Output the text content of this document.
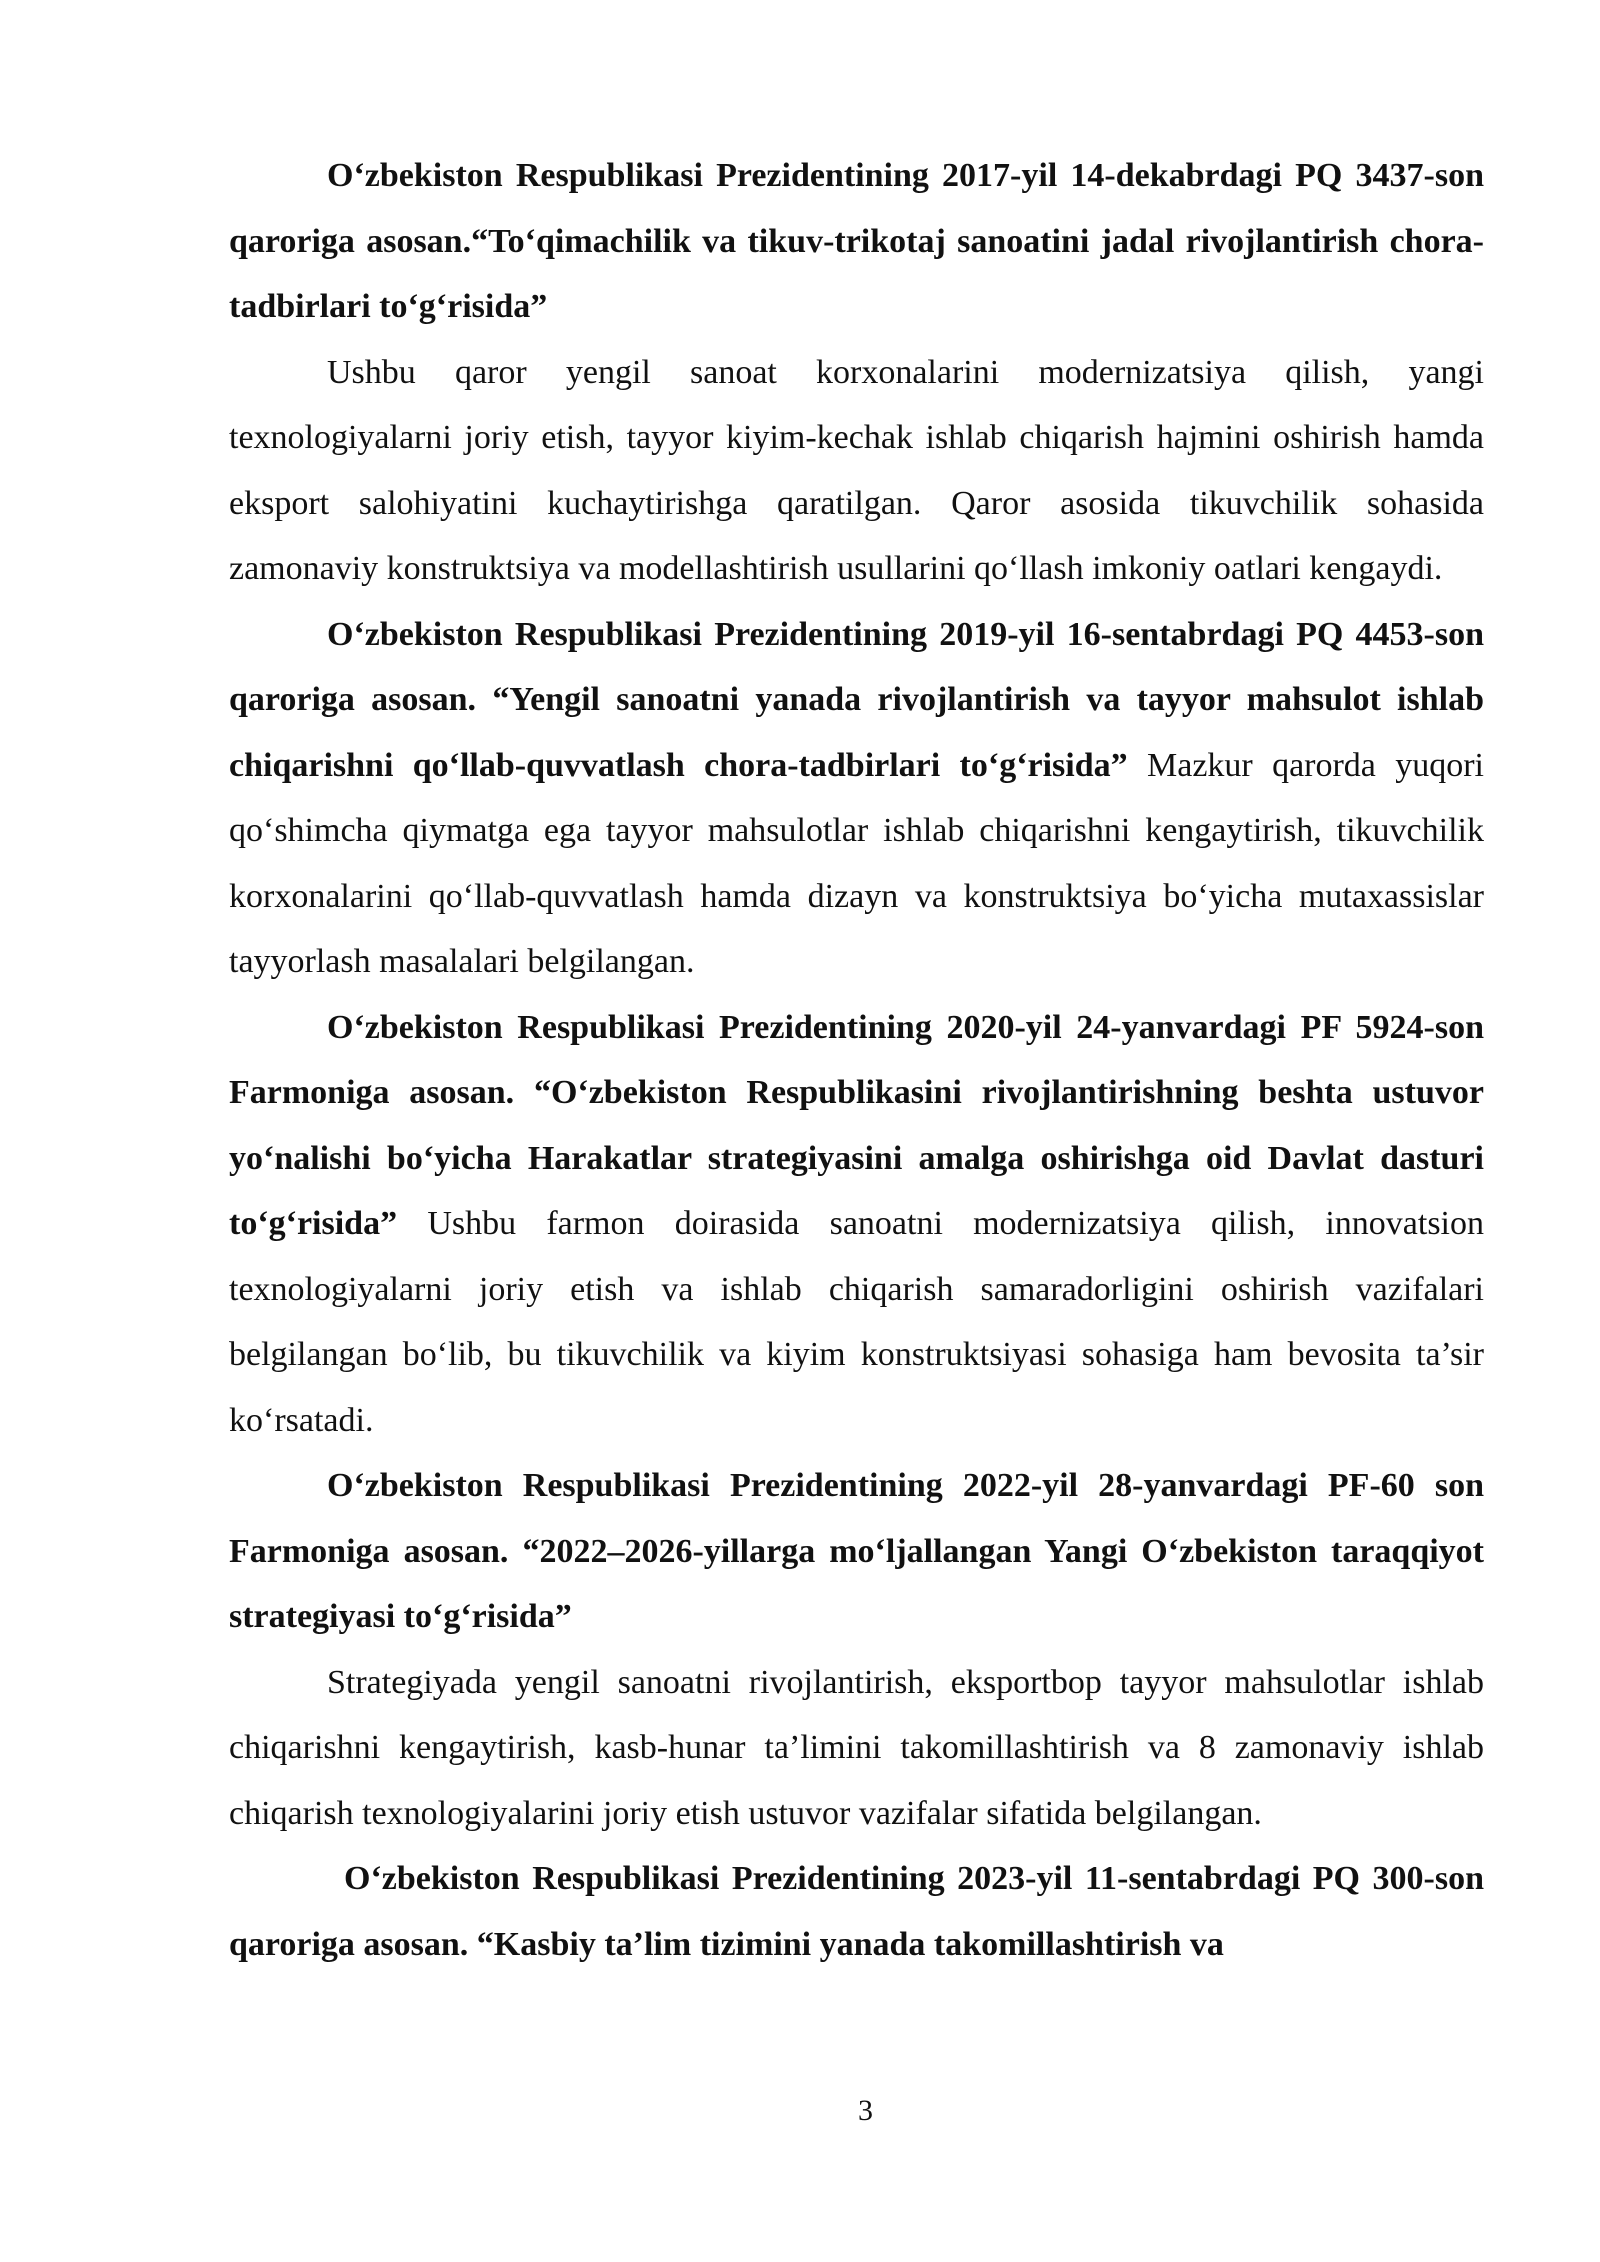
O‘zbekiston Respublikasi Prezidentining 2017-yil 14-dekabrdagi PQ 3437-son qaroriga asosan.“To‘qimachilik va tikuv-trikotaj sanoatini jadal rivojlantirish chora-tadbirlari to‘g‘risida”

Ushbu qaror yengil sanoat korxonalarini modernizatsiya qilish, yangi texnologiyalarni joriy etish, tayyor kiyim-kechak ishlab chiqarish hajmini oshirish hamda eksport salohiyatini kuchaytirishga qaratilgan. Qaror asosida tikuvchilik sohasida zamonaviy konstruktsiya va modellashtirish usullarini qo‘llash imkoniy oatlari kengaydi.

O‘zbekiston Respublikasi Prezidentining 2019-yil 16-sentabrdagi PQ 4453-son qaroriga asosan. “Yengil sanoatni yanada rivojlantirish va tayyor mahsulot ishlab chiqarishni qo‘llab-quvvatlash chora-tadbirlari to‘g‘risida” Mazkur qarorda yuqori qo‘shimcha qiymatga ega tayyor mahsulotlar ishlab chiqarishni kengaytirish, tikuvchilik korxonalarini qo‘llab-quvvatlash hamda dizayn va konstruktsiya bo‘yicha mutaxassislar tayyorlash masalalari belgilangan.

O‘zbekiston Respublikasi Prezidentining 2020-yil 24-yanvardagi PF 5924-son Farmoniga asosan. “O‘zbekiston Respublikasini rivojlantirishning beshta ustuvor yo‘nalishi bo‘yicha Harakatlar strategiyasini amalga oshirishga oid Davlat dasturi to‘g‘risida” Ushbu farmon doirasida sanoatni modernizatsiya qilish, innovatsion texnologiyalarni joriy etish va ishlab chiqarish samaradorligini oshirish vazifalari belgilangan bo‘lib, bu tikuvchilik va kiyim konstruktsiyasi sohasiga ham bevosita ta’sir ko‘rsatadi.

O‘zbekiston Respublikasi Prezidentining 2022-yil 28-yanvardagi PF-60 son Farmoniga asosan. “2022–2026-yillarga mo‘ljallangan Yangi O‘zbekiston taraqqiyot strategiyasi to‘g‘risida”

Strategiyada yengil sanoatni rivojlantirish, eksportbop tayyor mahsulotlar ishlab chiqarishni kengaytirish, kasb-hunar ta’limini takomillashtirish va 8 zamonaviy ishlab chiqarish texnologiyalarini joriy etish ustuvor vazifalar sifatida belgilangan.

O‘zbekiston Respublikasi Prezidentining 2023-yil 11-sentabrdagi PQ 300-son qaroriga asosan. “Kasbiy ta’lim tizimini yanada takomillashtirish va

3
